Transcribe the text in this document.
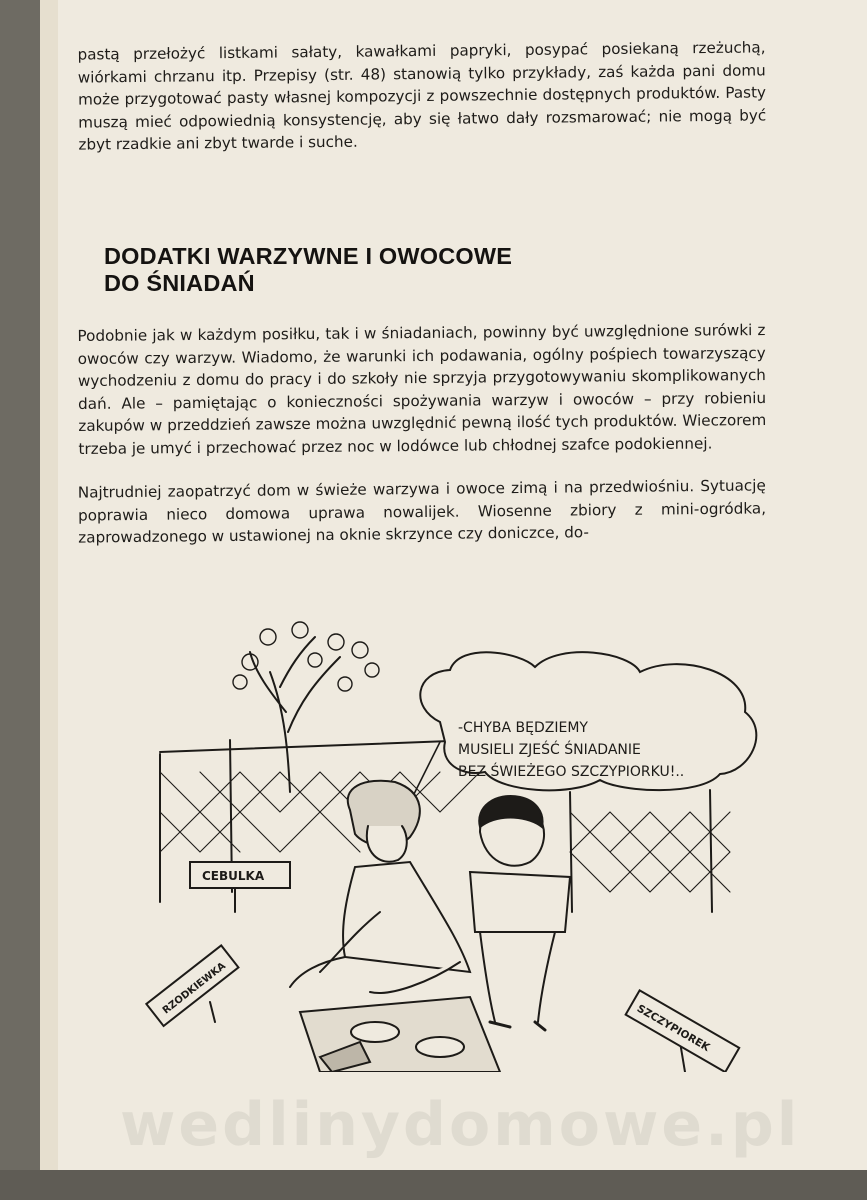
pastą przełożyć listkami sałaty, kawałkami papryki, posypać posiekaną rzeżuchą, wiórkami chrzanu itp. Przepisy (str. 48) stanowią tylko przykłady, zaś każda pani domu może przygotować pasty własnej kompozycji z powszechnie dostępnych produktów. Pasty muszą mieć odpowiednią konsystencję, aby się łatwo dały rozsmarować; nie mogą być zbyt rzadkie ani zbyt twarde i suche.

DODATKI WARZYWNE I OWOCOWE
DO ŚNIADAŃ

Podobnie jak w każdym posiłku, tak i w śniadaniach, powinny być uwzględnione surówki z owoców czy warzyw. Wiadomo, że warunki ich podawania, ogólny pośpiech towarzyszący wychodzeniu z domu do pracy i do szkoły nie sprzyja przygotowywaniu skomplikowanych dań. Ale – pamiętając o konieczności spożywania warzyw i owoców – przy robieniu zakupów w przeddzień zawsze można uwzględnić pewną ilość tych produktów. Wieczorem trzeba je umyć i przechować przez noc w lodówce lub chłodnej szafce podokiennej.

Najtrudniej zaopatrzyć dom w świeże warzywa i owoce zimą i na przedwiośniu. Sytuację poprawia nieco domowa uprawa nowalijek. Wiosenne zbiory z mini-ogródka, zaprowadzonego w ustawionej na oknie skrzynce czy doniczce, do-

-CHYBA BĘDZIEMY
MUSIELI ZJEŚĆ ŚNIADANIE
BEZ ŚWIEŻEGO SZCZYPIORKU!..
CEBULKA
RZODKIEWKA
SZCZYPIOREK
wedlinydomowe.pl
